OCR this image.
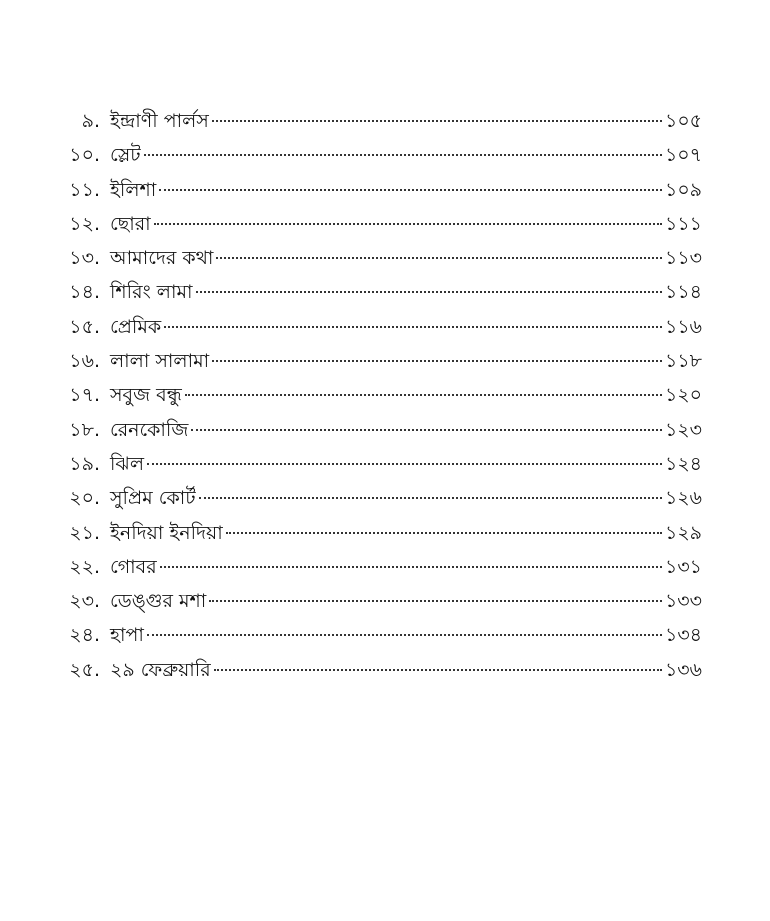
৯. ইন্দ্রাণী পার্লস	১০৫
১০. স্লেট	১০৭
১১. ইলিশা	১০৯
১২. ছোরা	১১১
১৩. আমাদের কথা	১১৩
১৪. শিরিং লামা	১১৪
১৫. প্রেমিক	১১৬
১৬. লালা সালামা	১১৮
১৭. সবুজ বন্ধু	১২০
১৮. রেনকোজি	১২৩
১৯. ঝিল	১২৪
২০. সুপ্রিম কোর্ট	১২৬
২১. ইনদিয়া ইনদিয়া	১২৯
২২. গোবর	১৩১
২৩. ডেঙ্গুর মশা	১৩৩
২৪. হাপা	১৩৪
২৫. ২৯ ফেব্রুয়ারি	১৩৬
